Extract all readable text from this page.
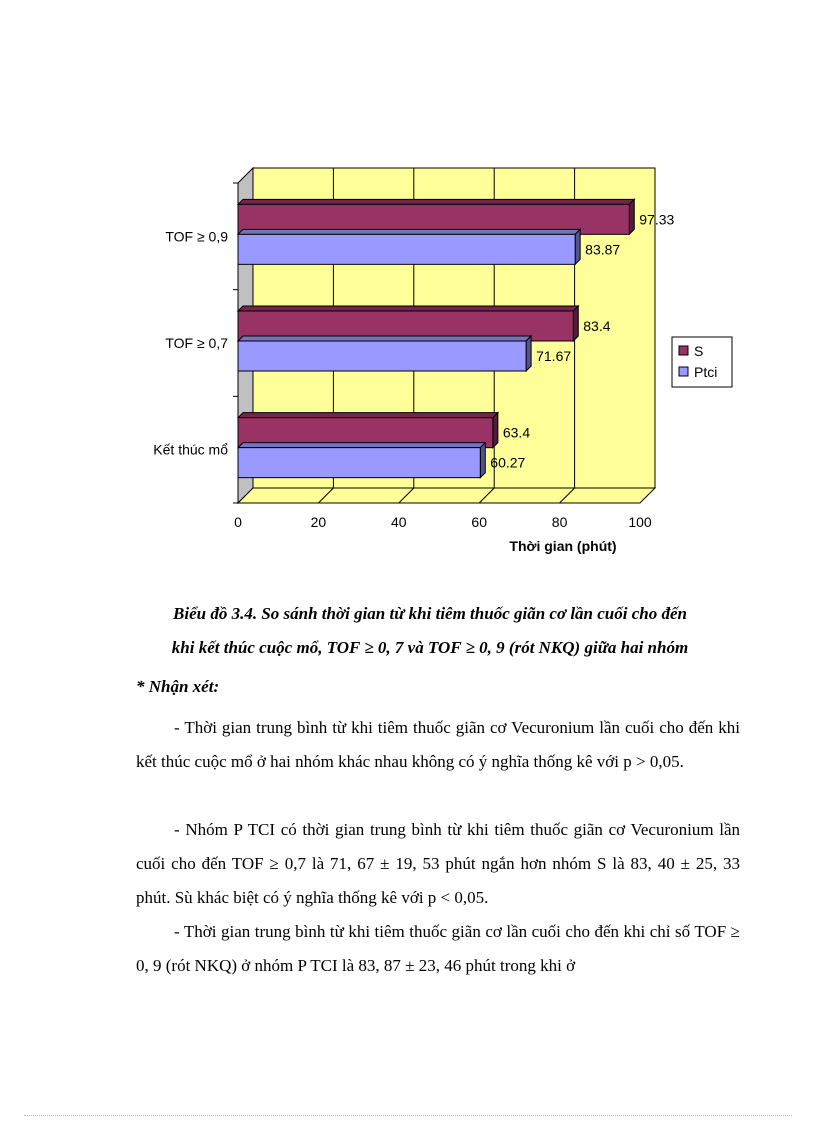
TOF ≥ 0,9
97.33
83.87
TOF ≥ 0,7
83.4
71.67
Kết thúc mổ
63.4
60.27
0	20	40	60	80	100
Thời gian (phút)
S
Ptci
Biểu đồ 3.4. So sánh thời gian từ khi tiêm thuốc giãn cơ lần cuối cho đến
khi kết thúc cuộc mổ, TOF ≥ 0, 7 và TOF ≥ 0, 9 (rót NKQ) giữa hai nhóm
* Nhận xét:

- Thời gian trung bình từ khi tiêm thuốc giãn cơ Vecuronium lần cuối cho đến khi kết thúc cuộc mổ ở hai nhóm khác nhau không có ý nghĩa thống kê với p > 0,05.

- Nhóm P TCI có thời gian trung bình từ khi tiêm thuốc giãn cơ Vecuronium lần cuối cho đến TOF ≥ 0,7 là 71, 67 ± 19, 53 phút ngắn hơn nhóm S là 83, 40 ± 25, 33 phút. Sù khác biệt có ý nghĩa thống kê với p < 0,05.

- Thời gian trung bình từ khi tiêm thuốc giãn cơ lần cuối cho đến khi chỉ số TOF ≥ 0, 9 (rót NKQ) ở nhóm P TCI là 83, 87 ± 23, 46 phút trong khi ở
